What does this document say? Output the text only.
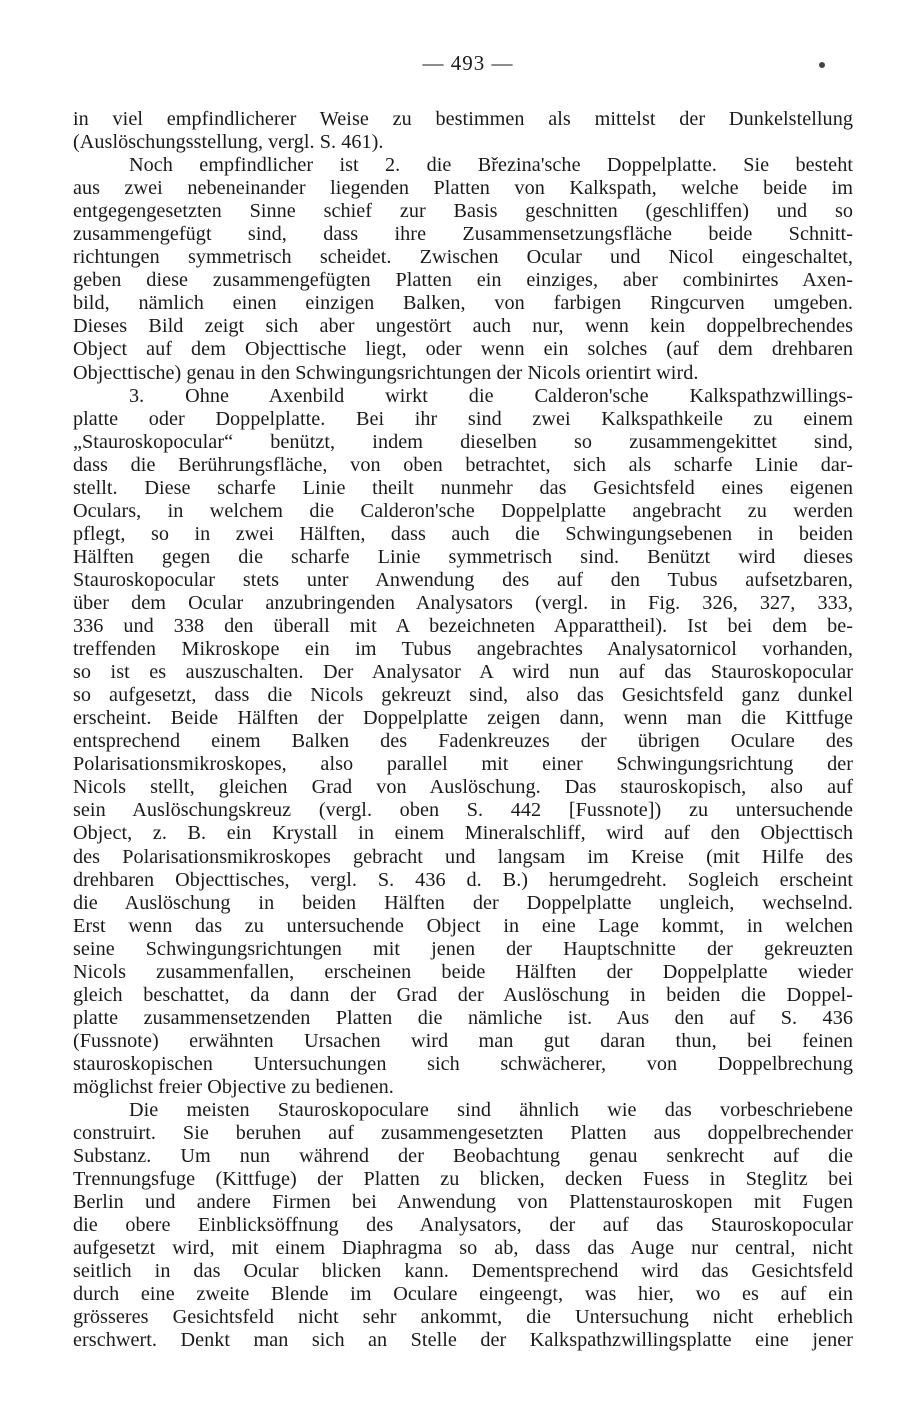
— 493 —
in viel empfindlicherer Weise zu bestimmen als mittelst der Dunkelstellung
(Auslöschungsstellung, vergl. S. 461).
Noch empfindlicher ist 2. die Březina'sche Doppelplatte. Sie besteht
aus zwei nebeneinander liegenden Platten von Kalkspath, welche beide im
entgegengesetzten Sinne schief zur Basis geschnitten (geschliffen) und so
zusammengefügt sind, dass ihre Zusammensetzungsfläche beide Schnitt-
richtungen symmetrisch scheidet. Zwischen Ocular und Nicol eingeschaltet,
geben diese zusammengefügten Platten ein einziges, aber combinirtes Axen-
bild, nämlich einen einzigen Balken, von farbigen Ringcurven umgeben.
Dieses Bild zeigt sich aber ungestört auch nur, wenn kein doppelbrechendes
Object auf dem Objecttische liegt, oder wenn ein solches (auf dem drehbaren
Objecttische) genau in den Schwingungsrichtungen der Nicols orientirt wird.
3. Ohne Axenbild wirkt die Calderon'sche Kalkspathzwillings-
platte oder Doppelplatte. Bei ihr sind zwei Kalkspathkeile zu einem
„Stauroskopocular“ benützt, indem dieselben so zusammengekittet sind,
dass die Berührungsfläche, von oben betrachtet, sich als scharfe Linie dar-
stellt. Diese scharfe Linie theilt nunmehr das Gesichtsfeld eines eigenen
Oculars, in welchem die Calderon'sche Doppelplatte angebracht zu werden
pflegt, so in zwei Hälften, dass auch die Schwingungsebenen in beiden
Hälften gegen die scharfe Linie symmetrisch sind. Benützt wird dieses
Stauroskopocular stets unter Anwendung des auf den Tubus aufsetzbaren,
über dem Ocular anzubringenden Analysators (vergl. in Fig. 326, 327, 333,
336 und 338 den überall mit A bezeichneten Apparattheil). Ist bei dem be-
treffenden Mikroskope ein im Tubus angebrachtes Analysatornicol vorhanden,
so ist es auszuschalten. Der Analysator A wird nun auf das Stauroskopocular
so aufgesetzt, dass die Nicols gekreuzt sind, also das Gesichtsfeld ganz dunkel
erscheint. Beide Hälften der Doppelplatte zeigen dann, wenn man die Kittfuge
entsprechend einem Balken des Fadenkreuzes der übrigen Oculare des
Polarisationsmikroskopes, also parallel mit einer Schwingungsrichtung der
Nicols stellt, gleichen Grad von Auslöschung. Das stauroskopisch, also auf
sein Auslöschungskreuz (vergl. oben S. 442 [Fussnote]) zu untersuchende
Object, z. B. ein Krystall in einem Mineralschliff, wird auf den Objecttisch
des Polarisationsmikroskopes gebracht und langsam im Kreise (mit Hilfe des
drehbaren Objecttisches, vergl. S. 436 d. B.) herumgedreht. Sogleich erscheint
die Auslöschung in beiden Hälften der Doppelplatte ungleich, wechselnd.
Erst wenn das zu untersuchende Object in eine Lage kommt, in welchen
seine Schwingungsrichtungen mit jenen der Hauptschnitte der gekreuzten
Nicols zusammenfallen, erscheinen beide Hälften der Doppelplatte wieder
gleich beschattet, da dann der Grad der Auslöschung in beiden die Doppel-
platte zusammensetzenden Platten die nämliche ist. Aus den auf S. 436
(Fussnote) erwähnten Ursachen wird man gut daran thun, bei feinen
stauroskopischen Untersuchungen sich schwächerer, von Doppelbrechung
möglichst freier Objective zu bedienen.
Die meisten Stauroskopoculare sind ähnlich wie das vorbeschriebene
construirt. Sie beruhen auf zusammengesetzten Platten aus doppelbrechender
Substanz. Um nun während der Beobachtung genau senkrecht auf die
Trennungsfuge (Kittfuge) der Platten zu blicken, decken Fuess in Steglitz bei
Berlin und andere Firmen bei Anwendung von Plattenstauroskopen mit Fugen
die obere Einblicksöffnung des Analysators, der auf das Stauroskopocular
aufgesetzt wird, mit einem Diaphragma so ab, dass das Auge nur central, nicht
seitlich in das Ocular blicken kann. Dementsprechend wird das Gesichtsfeld
durch eine zweite Blende im Oculare eingeengt, was hier, wo es auf ein
grösseres Gesichtsfeld nicht sehr ankommt, die Untersuchung nicht erheblich
erschwert. Denkt man sich an Stelle der Kalkspathzwillingsplatte eine jener
